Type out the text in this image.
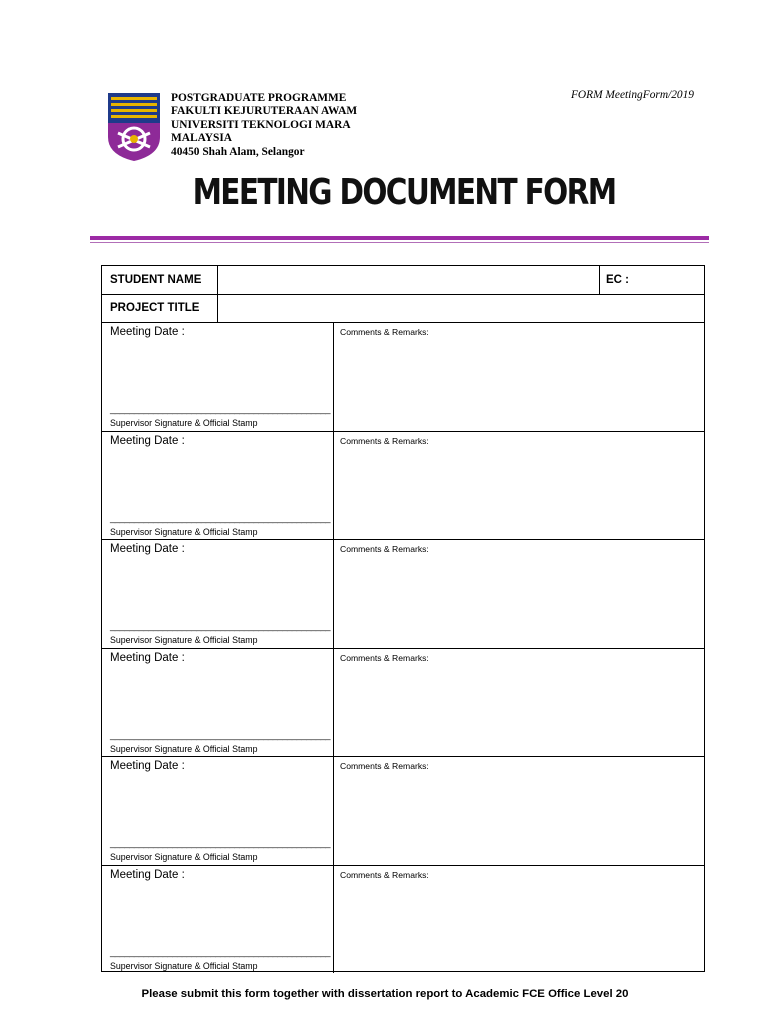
POSTGRADUATE PROGRAMME
FAKULTI KEJURUTERAAN AWAM
UNIVERSITI TEKNOLOGI MARA
MALAYSIA
40450 Shah Alam, Selangor
FORM MeetingForm/2019
MEETING DOCUMENT FORM
STUDENT NAME	EC :
PROJECT TITLE
Meeting Date :	Comments & Remarks:
______________________________________________
Supervisor Signature & Official Stamp
Meeting Date :	Comments & Remarks:
______________________________________________
Supervisor Signature & Official Stamp
Meeting Date :	Comments & Remarks:
______________________________________________
Supervisor Signature & Official Stamp
Meeting Date :	Comments & Remarks:
______________________________________________
Supervisor Signature & Official Stamp
Meeting Date :	Comments & Remarks:
______________________________________________
Supervisor Signature & Official Stamp
Meeting Date :	Comments & Remarks:
______________________________________________
Supervisor Signature & Official Stamp
Please submit this form together with dissertation report to Academic FCE Office Level 20
